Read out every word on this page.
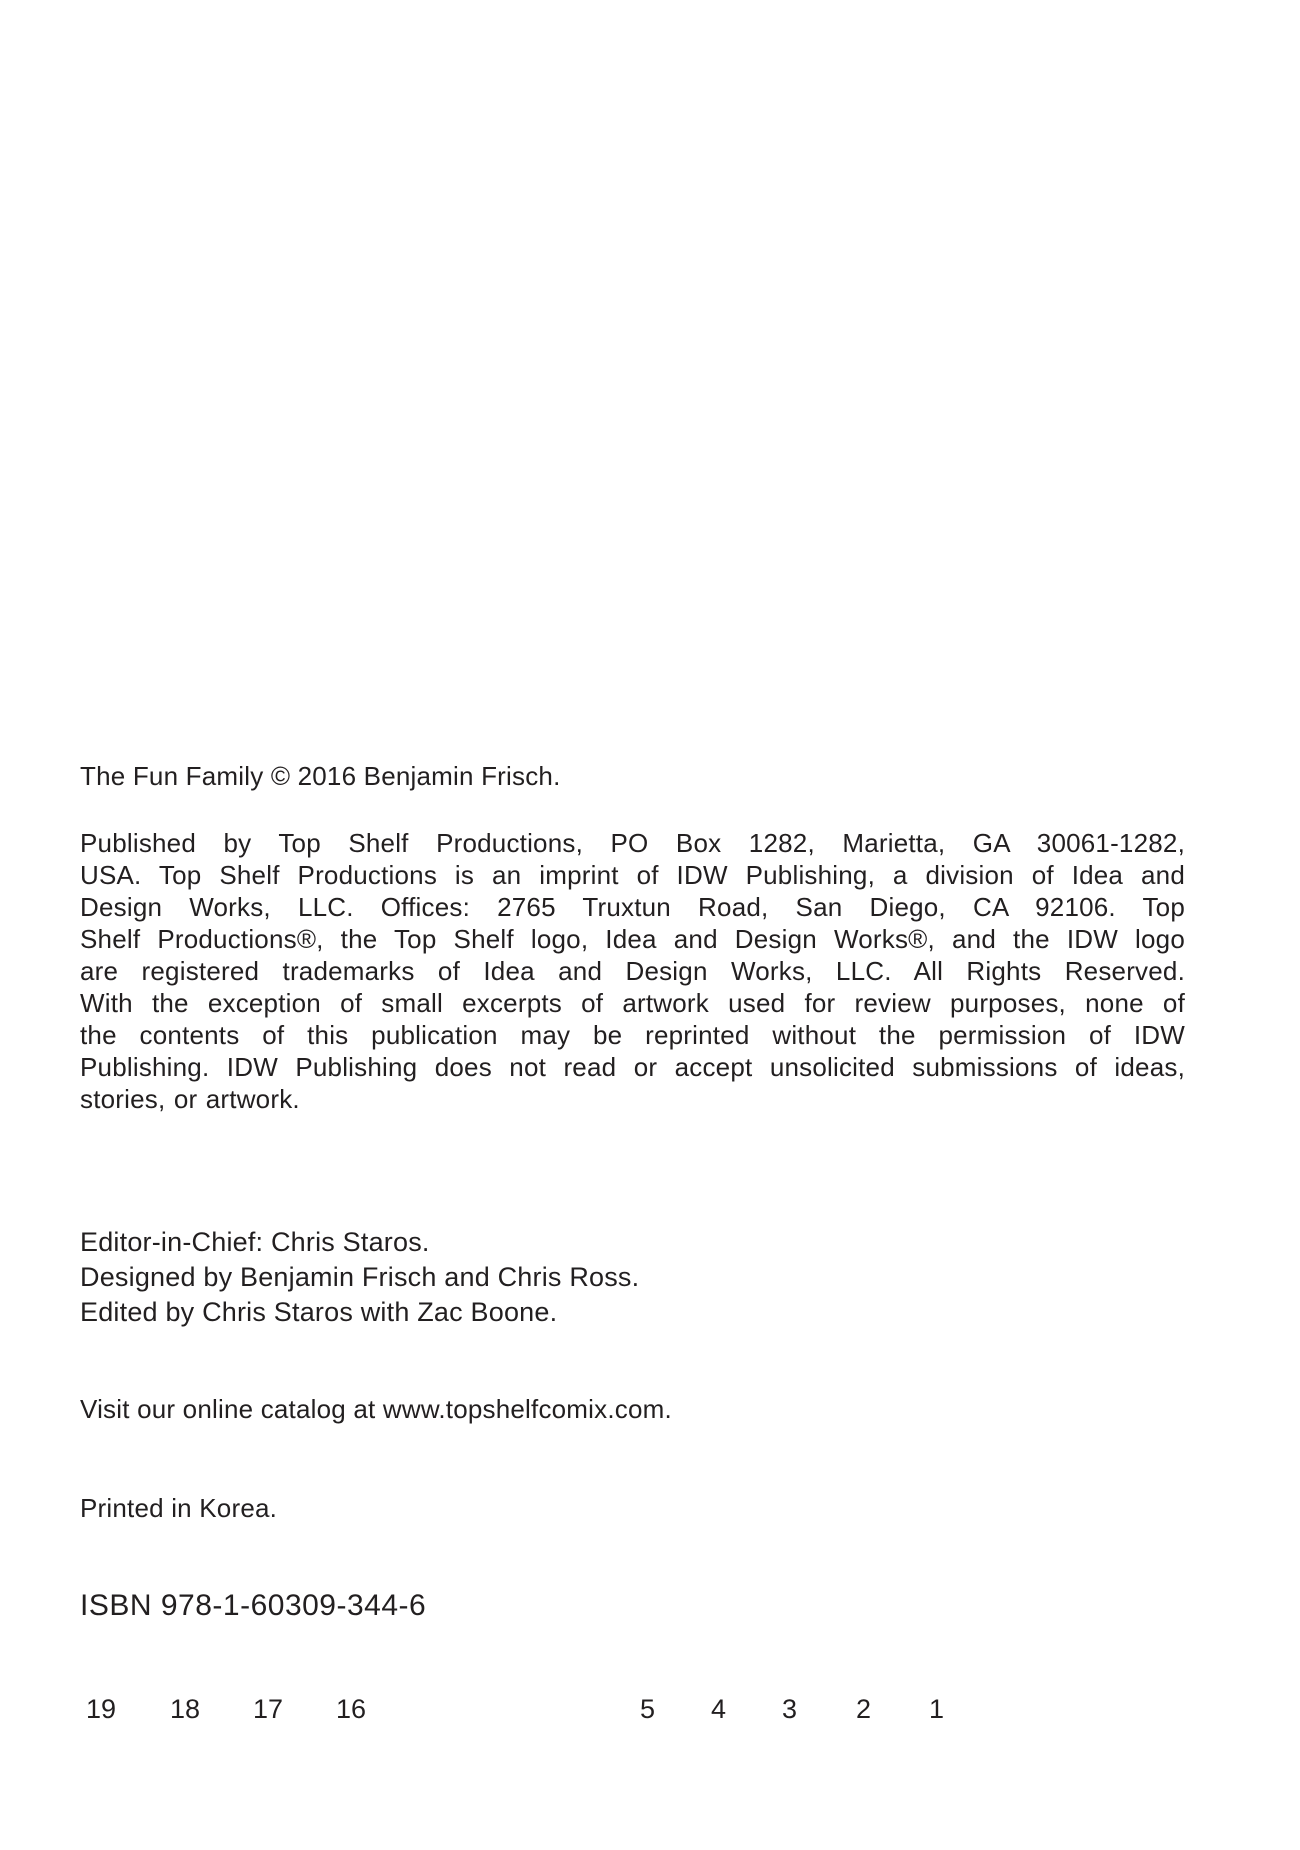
The Fun Family © 2016 Benjamin Frisch.
Published by Top Shelf Productions, PO Box 1282, Marietta, GA 30061-1282,
USA. Top Shelf Productions is an imprint of IDW Publishing, a division of Idea and
Design Works, LLC. Offices: 2765 Truxtun Road, San Diego, CA 92106. Top
Shelf Productions®, the Top Shelf logo, Idea and Design Works®, and the IDW logo
are registered trademarks of Idea and Design Works, LLC. All Rights Reserved.
With the exception of small excerpts of artwork used for review purposes, none of
the contents of this publication may be reprinted without the permission of IDW
Publishing. IDW Publishing does not read or accept unsolicited submissions of ideas,
stories, or artwork.
Editor-in-Chief: Chris Staros.
Designed by Benjamin Frisch and Chris Ross.
Edited by Chris Staros with Zac Boone.
Visit our online catalog at www.topshelfcomix.com.
Printed in Korea.
ISBN 978-1-60309-344-6
19 18 17 16	5 4 3 2 1
